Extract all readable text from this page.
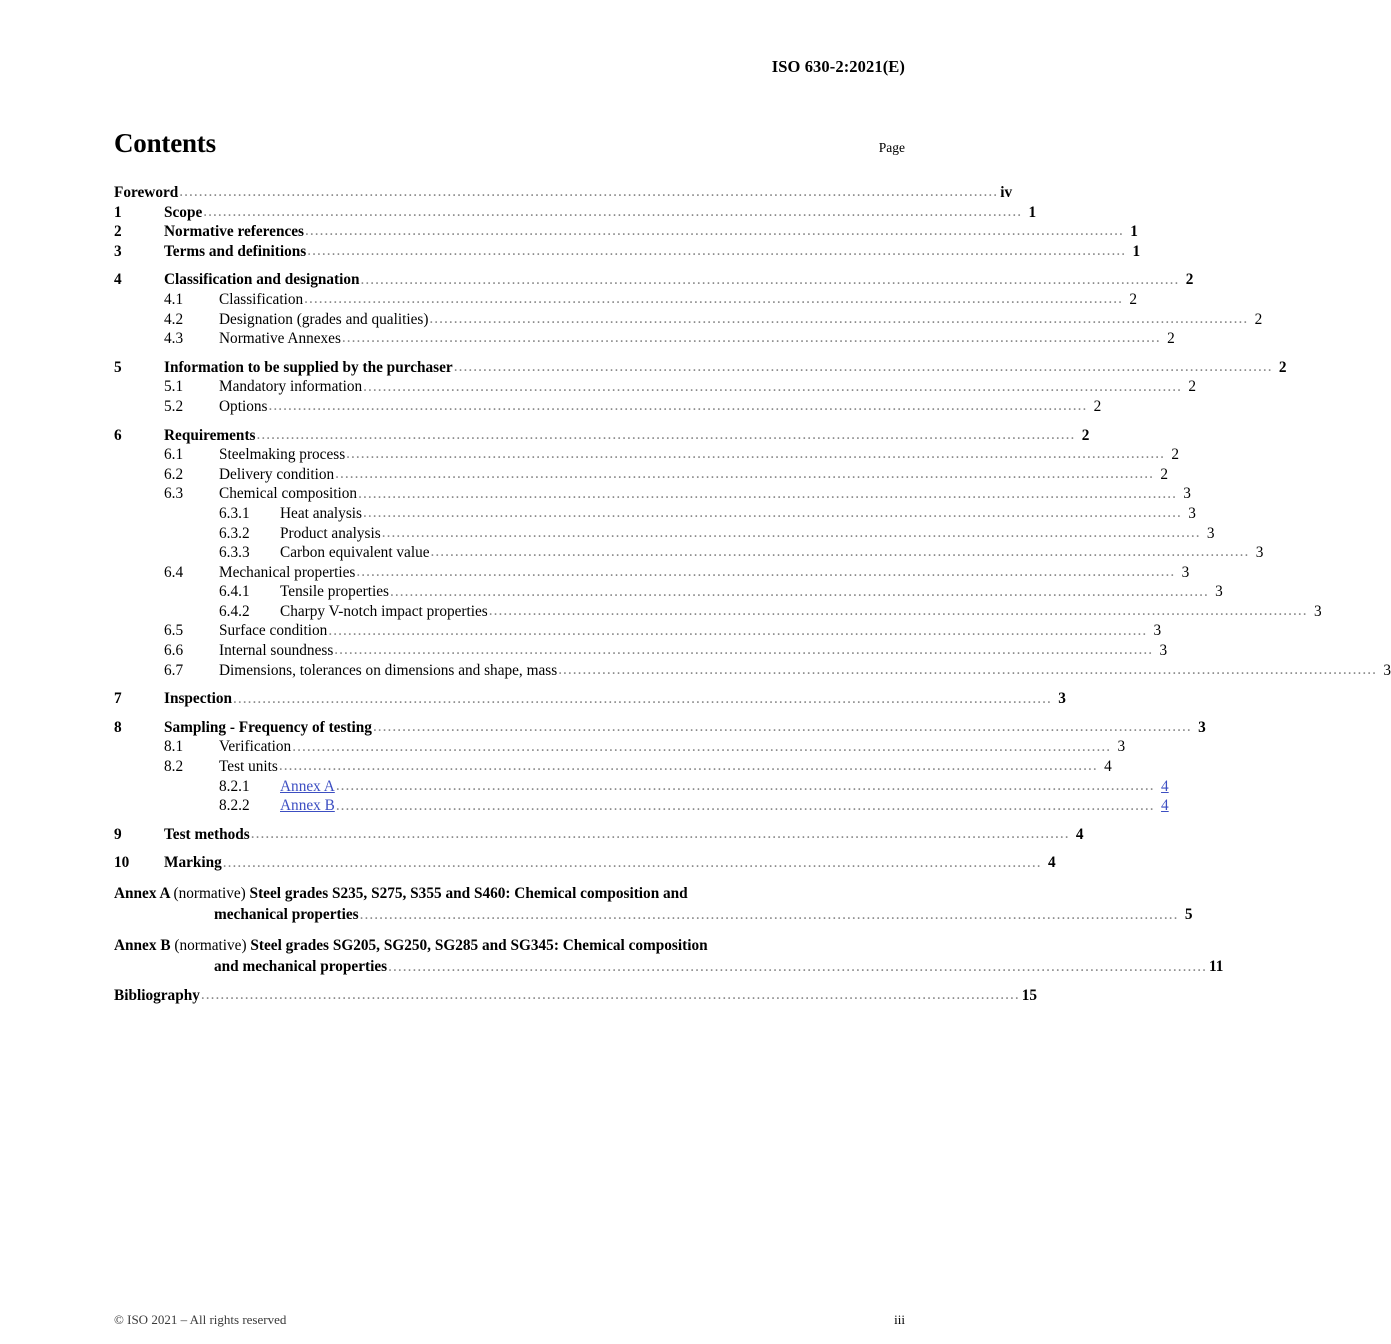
ISO 630-2:2021(E)
Contents	Page
Foreword .....	iv
1	Scope .....	1
2	Normative references .....	1
3	Terms and definitions .....	1
4	Classification and designation .....	2
4.1	Classification .....	2
4.2	Designation (grades and qualities) .....	2
4.3	Normative Annexes .....	2
5	Information to be supplied by the purchaser .....	2
5.1	Mandatory information .....	2
5.2	Options .....	2
6	Requirements .....	2
6.1	Steelmaking process .....	2
6.2	Delivery condition .....	2
6.3	Chemical composition .....	3
6.3.1	Heat analysis .....	3
6.3.2	Product analysis .....	3
6.3.3	Carbon equivalent value .....	3
6.4	Mechanical properties .....	3
6.4.1	Tensile properties .....	3
6.4.2	Charpy V-notch impact properties .....	3
6.5	Surface condition .....	3
6.6	Internal soundness .....	3
6.7	Dimensions, tolerances on dimensions and shape, mass .....	3
7	Inspection .....	3
8	Sampling - Frequency of testing .....	3
8.1	Verification .....	3
8.2	Test units .....	4
8.2.1	Annex A .....	4
8.2.2	Annex B .....	4
9	Test methods .....	4
10	Marking .....	4
Annex A (normative) Steel grades S235, S275, S355 and S460: Chemical composition and
mechanical properties .....	5
Annex B (normative) Steel grades SG205, SG250, SG285 and SG345: Chemical composition
and mechanical properties .....	11
Bibliography .....	15
© ISO 2021 – All rights reserved	iii
